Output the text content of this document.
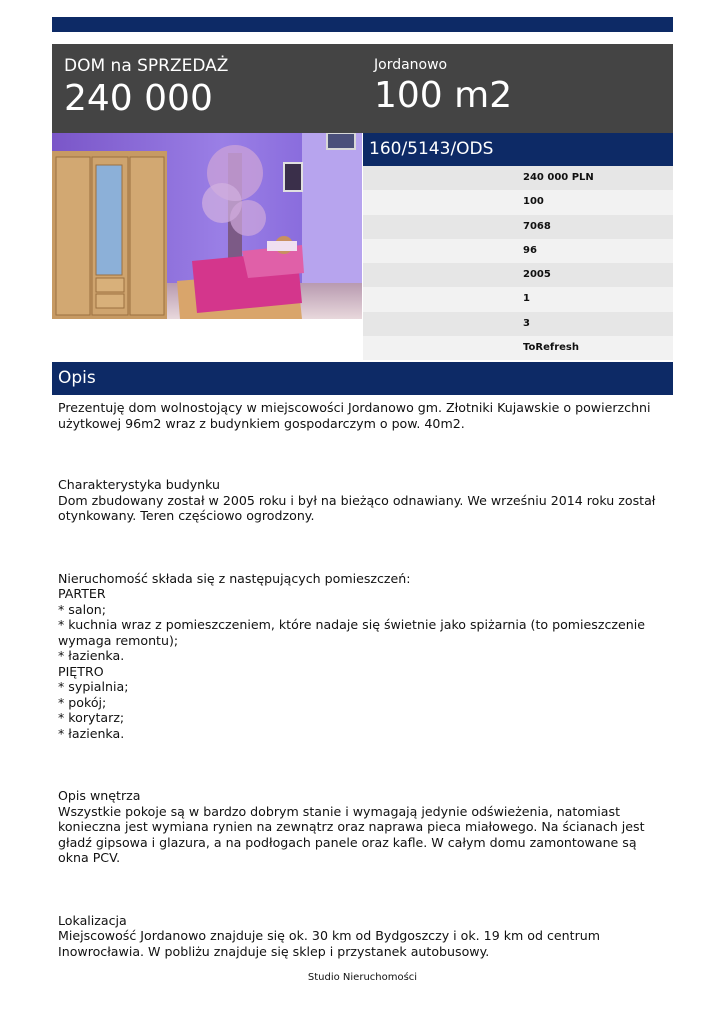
DOM na SPRZEDAŻ
240 000
Jordanowo
100 m2
160/5143/ODS
240 000 PLN
100
7068
96
2005
1
3
ToRefresh
Opis

Prezentuję dom wolnostojący w miejscowości Jordanowo gm. Złotniki Kujawskie o powierzchni użytkowej 96m2 wraz z budynkiem gospodarczym o pow. 40m2.

Charakterystyka budynku

Dom zbudowany został w 2005 roku i był na bieżąco odnawiany. We wrześniu 2014 roku został otynkowany. Teren częściowo ogrodzony.

Nieruchomość składa się z następujących pomieszczeń:

PARTER

* salon;

* kuchnia wraz z pomieszczeniem, które nadaje się świetnie jako spiżarnia (to pomieszczenie wymaga remontu);

* łazienka.

PIĘTRO

* sypialnia;

* pokój;

* korytarz;

* łazienka.

Opis wnętrza

Wszystkie pokoje są w bardzo dobrym stanie i wymagają jedynie odświeżenia, natomiast konieczna jest wymiana rynien na zewnątrz oraz naprawa pieca miałowego. Na ścianach jest gładź gipsowa i glazura, a na podłogach panele oraz kafle. W całym domu zamontowane są okna PCV.

Lokalizacja

Miejscowość Jordanowo znajduje się ok. 30 km od Bydgoszczy i ok. 19 km od centrum Inowrocławia. W pobliżu znajduje się sklep i przystanek autobusowy.

Studio Nieruchomości
